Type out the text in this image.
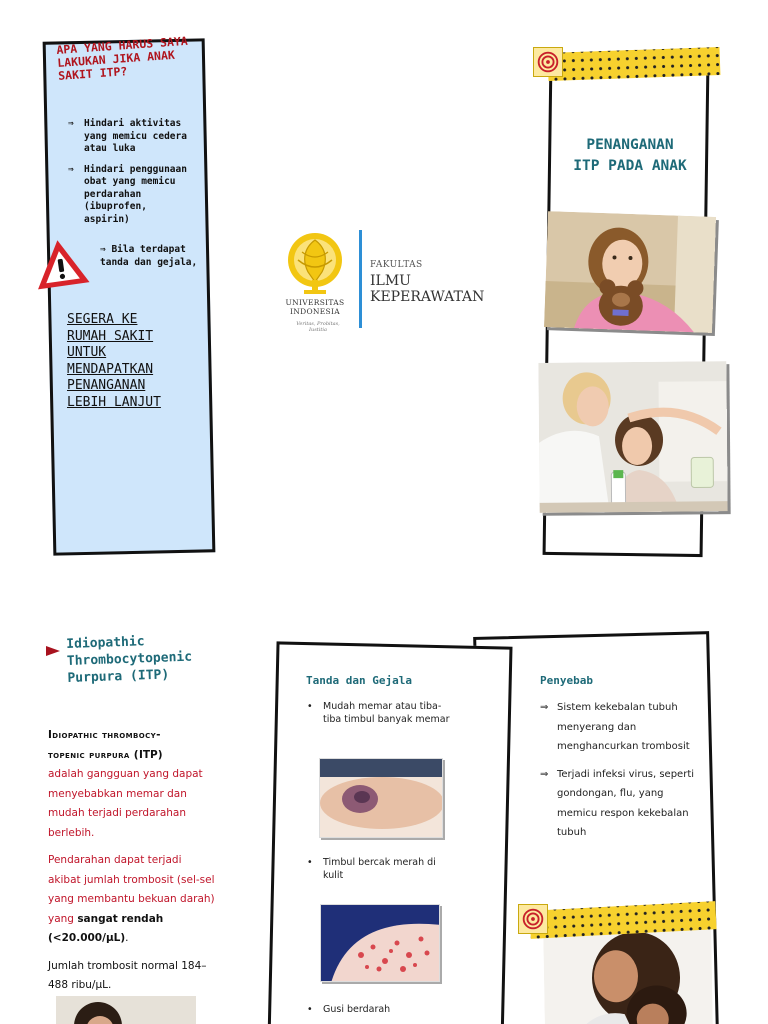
APA YANG HARUS SAYA LAKUKAN JIKA ANAK SAKIT ITP?
⇒ Hindari aktivitas yang memicu cedera atau luka
⇒ Hindari penggunaan obat yang memicu perdarahan (ibuprofen, aspirin)
⇒ Bila terdapat tanda dan gejala,
SEGERA KE
RUMAH SAKIT
UNTUK
MENDAPATKAN
PENANGANAN
LEBIH LANJUT
UNIVERSITAS
INDONESIA
Veritas, Probitas, Iustitia
FAKULTAS
ILMU
KEPERAWATAN
PENANGANAN
ITP PADA ANAK
Idiopathic Thrombocytopenic Purpura (ITP)

Idiopathic thrombocy-
topenic purpura (ITP)
adalah gangguan yang dapat menyebabkan memar dan mudah terjadi perdarahan berlebih.

Pendarahan dapat terjadi akibat jumlah trombosit (sel-sel yang membantu bekuan darah) yang sangat rendah (<20.000/µL).

Jumlah trombosit normal 184–488 ribu/µL.

Tanda dan Gejala
• Mudah memar atau tiba-tiba timbul banyak memar
• Timbul bercak merah di kulit
• Gusi berdarah
Penyebab
⇒ Sistem kekebalan tubuh menyerang dan menghancurkan trombosit
⇒ Terjadi infeksi virus, seperti gondongan, flu, yang memicu respon kekebalan tubuh
